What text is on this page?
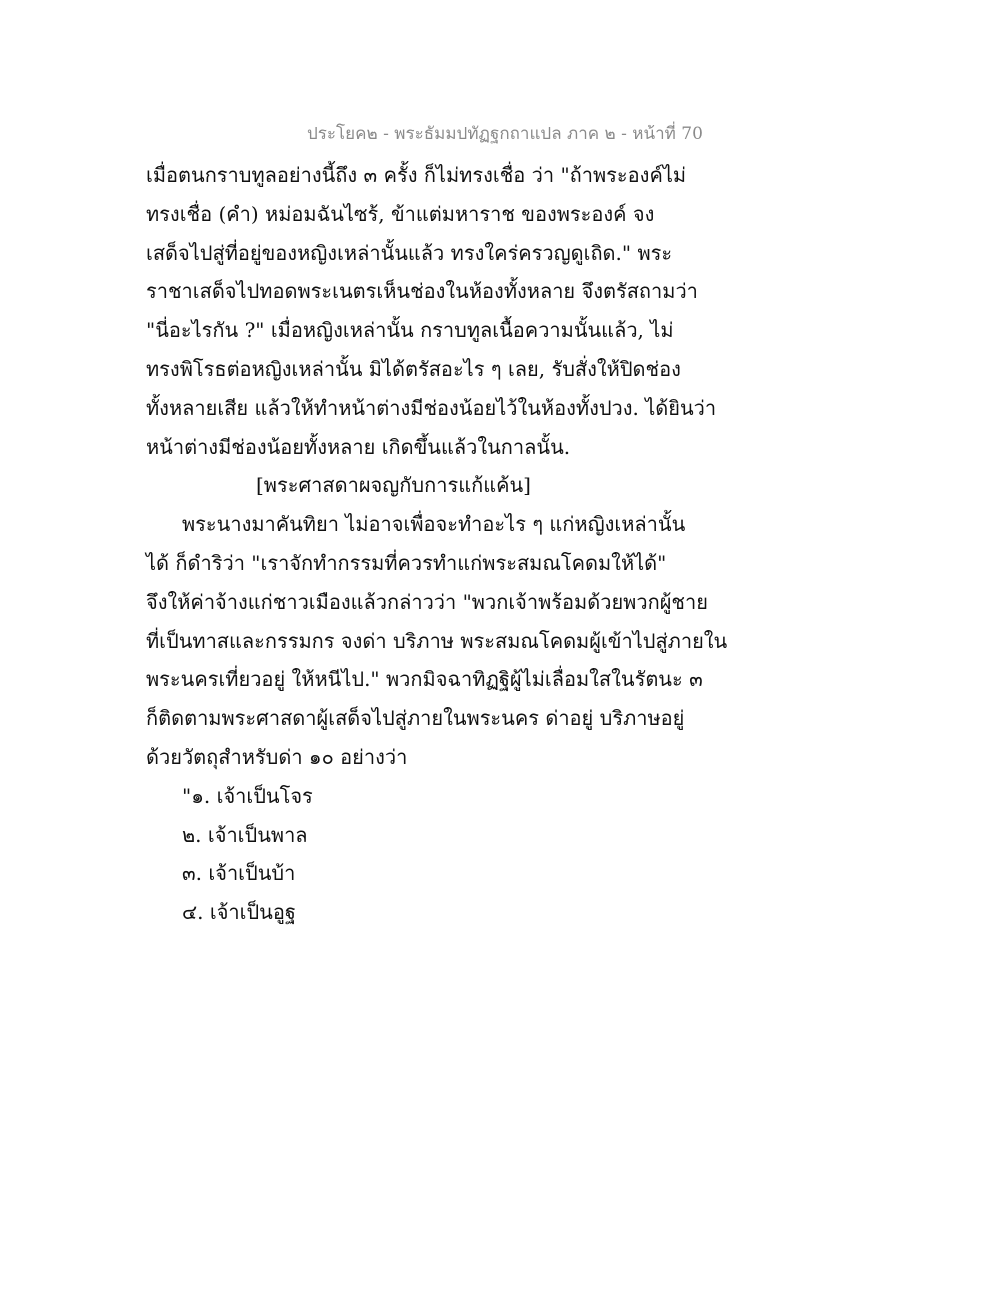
ประโยค๒ - พระธัมมปทัฏฐกถาแปล ภาค ๒ - หน้าที่ 70
เมื่อตนกราบทูลอย่างนี้ถึง ๓ ครั้ง ก็ไม่ทรงเชื่อ ว่า "ถ้าพระองค์ไม่
ทรงเชื่อ (คำ) หม่อมฉันไซร้, ข้าแต่มหาราช ของพระองค์ จง
เสด็จไปสู่ที่อยู่ของหญิงเหล่านั้นแล้ว ทรงใคร่ครวญดูเถิด." พระ
ราชาเสด็จไปทอดพระเนตรเห็นช่องในห้องทั้งหลาย จึงตรัสถามว่า
"นี่อะไรกัน ?" เมื่อหญิงเหล่านั้น กราบทูลเนื้อความนั้นแล้ว, ไม่
ทรงพิโรธต่อหญิงเหล่านั้น มิได้ตรัสอะไร ๆ เลย, รับสั่งให้ปิดช่อง
ทั้งหลายเสีย แล้วให้ทำหน้าต่างมีช่องน้อยไว้ในห้องทั้งปวง. ได้ยินว่า
หน้าต่างมีช่องน้อยทั้งหลาย เกิดขึ้นแล้วในกาลนั้น.
[พระศาสดาผจญกับการแก้แค้น]
พระนางมาคันทิยา ไม่อาจเพื่อจะทำอะไร ๆ แก่หญิงเหล่านั้น
ได้ ก็ดำริว่า "เราจักทำกรรมที่ควรทำแก่พระสมณโคดมให้ได้"
จึงให้ค่าจ้างแก่ชาวเมืองแล้วกล่าวว่า "พวกเจ้าพร้อมด้วยพวกผู้ชาย
ที่เป็นทาสและกรรมกร จงด่า บริภาษ พระสมณโคดมผู้เข้าไปสู่ภายใน
พระนครเที่ยวอยู่ ให้หนีไป." พวกมิจฉาทิฏฐิผู้ไม่เลื่อมใสในรัตนะ ๓
ก็ติดตามพระศาสดาผู้เสด็จไปสู่ภายในพระนคร ด่าอยู่ บริภาษอยู่
ด้วยวัตถุสำหรับด่า ๑๐ อย่างว่า
"๑. เจ้าเป็นโจร
๒. เจ้าเป็นพาล
๓. เจ้าเป็นบ้า
๔. เจ้าเป็นอูฐ
